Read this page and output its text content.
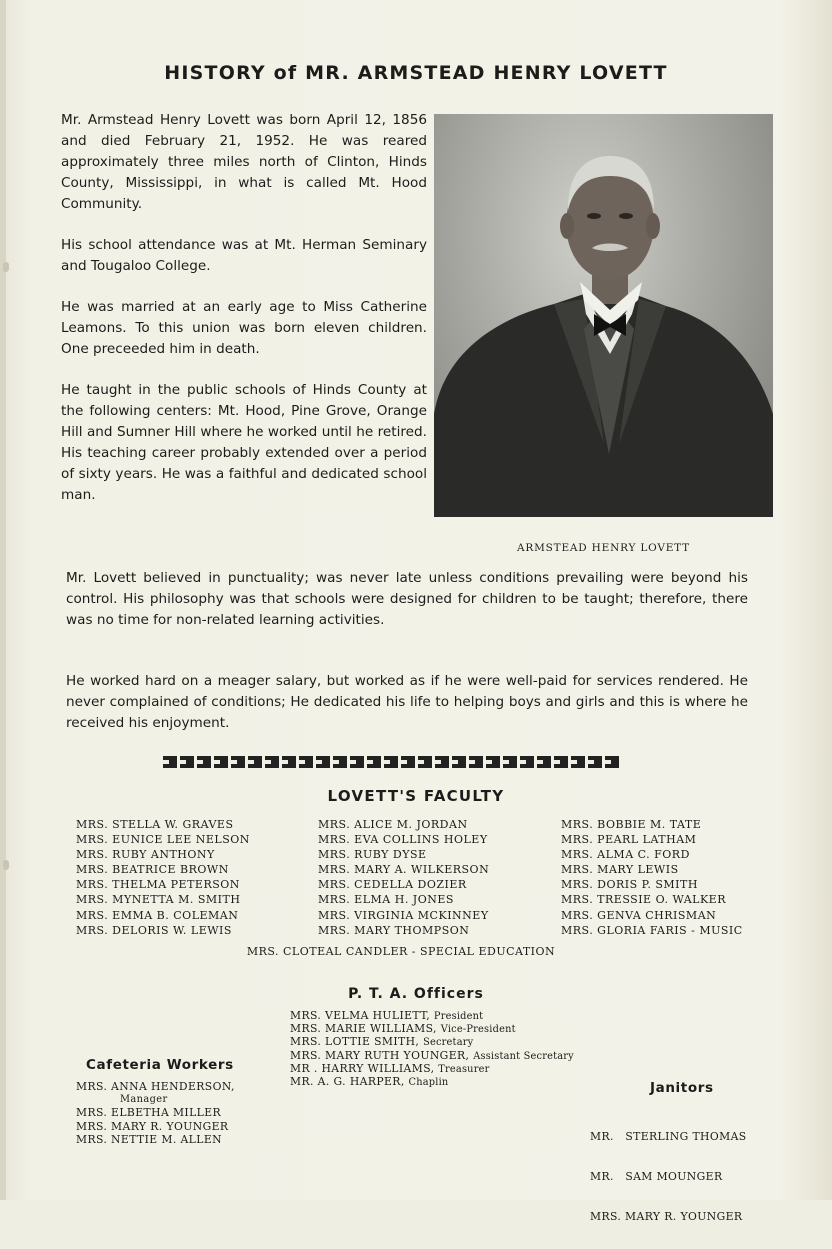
HISTORY of MR. ARMSTEAD HENRY LOVETT

Mr. Armstead Henry Lovett was born April 12, 1856 and died February 21, 1952. He was reared approximately three miles north of Clinton, Hinds County, Mississippi, in what is called Mt. Hood Community.

His school attendance was at Mt. Herman Seminary and Tougaloo College.

He was married at an early age to Miss Catherine Leamons. To this union was born eleven children. One preceeded him in death.

He taught in the public schools of Hinds County at the following centers: Mt. Hood, Pine Grove, Orange Hill and Sumner Hill where he worked until he retired. His teaching career probably extended over a period of sixty years. He was a faithful and dedicated school man.

ARMSTEAD HENRY LOVETT

Mr. Lovett believed in punctuality; was never late unless conditions prevailing were beyond his control. His philosophy was that schools were designed for children to be taught; therefore, there was no time for non-related learning activities.

He worked hard on a meager salary, but worked as if he were well-paid for services rendered. He never complained of conditions; He dedicated his life to helping boys and girls and this is where he received his enjoyment.

LOVETT'S FACULTY
MRS. STELLA W. GRAVES
MRS. EUNICE LEE NELSON
MRS. RUBY ANTHONY
MRS. BEATRICE BROWN
MRS. THELMA PETERSON
MRS. MYNETTA M. SMITH
MRS. EMMA B. COLEMAN
MRS. DELORIS W. LEWIS
MRS. ALICE M. JORDAN
MRS. EVA COLLINS HOLEY
MRS. RUBY DYSE
MRS. MARY A. WILKERSON
MRS. CEDELLA DOZIER
MRS. ELMA H. JONES
MRS. VIRGINIA MCKINNEY
MRS. MARY THOMPSON
MRS. BOBBIE M. TATE
MRS. PEARL LATHAM
MRS. ALMA C. FORD
MRS. MARY LEWIS
MRS. DORIS P. SMITH
MRS. TRESSIE O. WALKER
MRS. GENVA CHRISMAN
MRS. GLORIA FARIS - MUSIC
MRS. CLOTEAL CANDLER - SPECIAL EDUCATION
P. T. A. Officers
MRS. VELMA HULIETT, President
MRS. MARIE WILLIAMS, Vice-President
MRS. LOTTIE SMITH, Secretary
MRS. MARY RUTH YOUNGER, Assistant Secretary
MR . HARRY WILLIAMS, Treasurer
MR. A. G. HARPER, Chaplin
Cafeteria Workers
MRS. ANNA HENDERSON,
Manager
MRS. ELBETHA MILLER
MRS. MARY R. YOUNGER
MRS. NETTIE M. ALLEN
Janitors

MR.   STERLING THOMAS

MR.   SAM MOUNGER

MRS. MARY R. YOUNGER
